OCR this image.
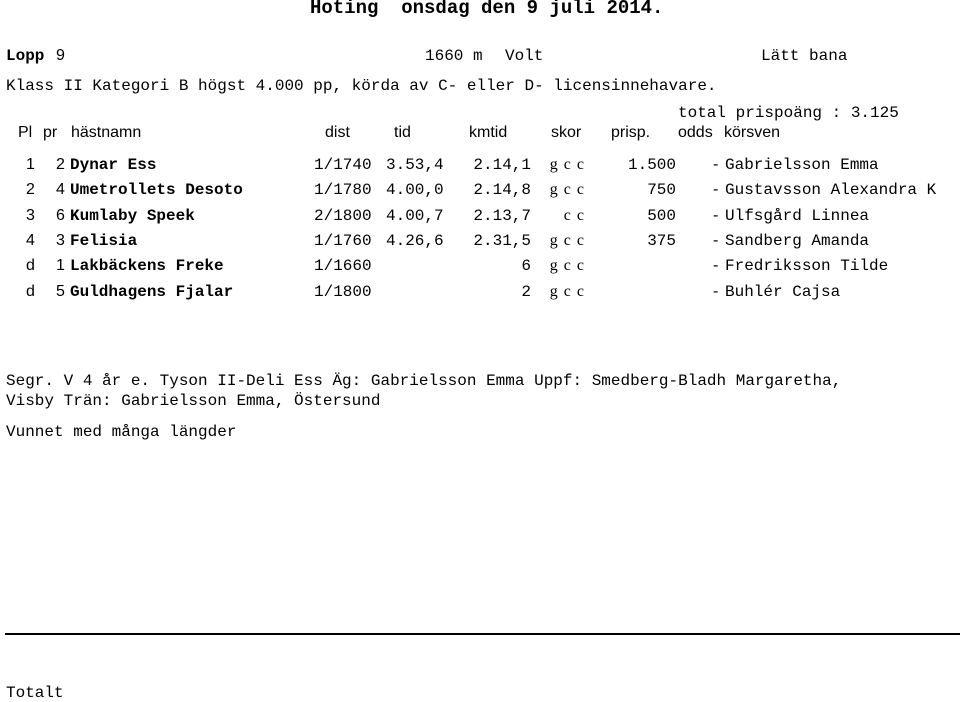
Hoting  onsdag den 9 juli 2014.
Lopp 9	1660 m Volt	Lätt bana
Klass II Kategori B högst 4.000 pp, körda av C- eller D- licensinnehavare.
total prispoäng : 3.125
Pl pr hästnamn	dist	tid	kmtid	skor prisp. odds körsven
1 2 Dynar Ess	1/1740 3.53,4 2.14,1 g c c	1.500 - Gabrielsson Emma
2 4 Umetrollets Desoto	1/1780 4.00,0 2.14,8 g c c	750 - Gustavsson Alexandra K
3 6 Kumlaby Speek	2/1800 4.00,7 2.13,7 c c	500 - Ulfsgård Linnea
4 3 Felisia	1/1760 4.26,6 2.31,5 g c c	375 - Sandberg Amanda
d 1 Lakbäckens Freke	1/1660	6 g c c	- Fredriksson Tilde
d 5 Guldhagens Fjalar	1/1800	2 g c c	- Buhlér Cajsa
Segr. V 4 år e. Tyson II-Deli Ess Äg: Gabrielsson Emma Uppf: Smedberg-Bladh Margaretha,
Visby Trän: Gabrielsson Emma, Östersund
Vunnet med många längder
Totalt
